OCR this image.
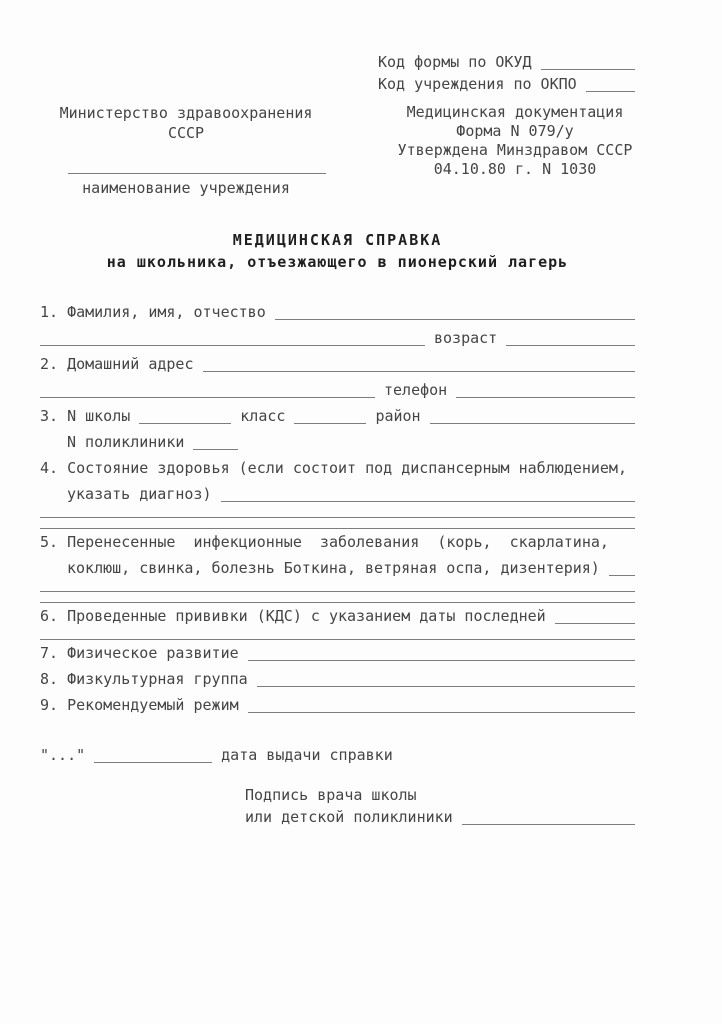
Код формы по ОКУД
Код учреждения по ОКПО
Министерство здравоохранения
СССР
наименование учреждения
Медицинская документация
Форма N 079/у
Утверждена Минздравом СССР
04.10.80 г. N 1030
МЕДИЦИНСКАЯ СПРАВКА
на школьника, отъезжающего в пионерский лагерь
1. Фамилия, имя, отчество
возраст
2. Домашний адрес
телефон
3. N школы	класс	район
N поликлиники
4. Состояние здоровья (если состоит под диспансерным наблюдением,
указать диагноз)
5. Перенесенные  инфекционные  заболевания  (корь,  скарлатина,
коклюш, свинка, болезнь Боткина, ветряная оспа, дизентерия)
6. Проведенные прививки (КДС) с указанием даты последней
7. Физическое развитие
8. Физкультурная группа
9. Рекомендуемый режим
"..."	дата выдачи справки
Подпись врача школы
или детской поликлиники
